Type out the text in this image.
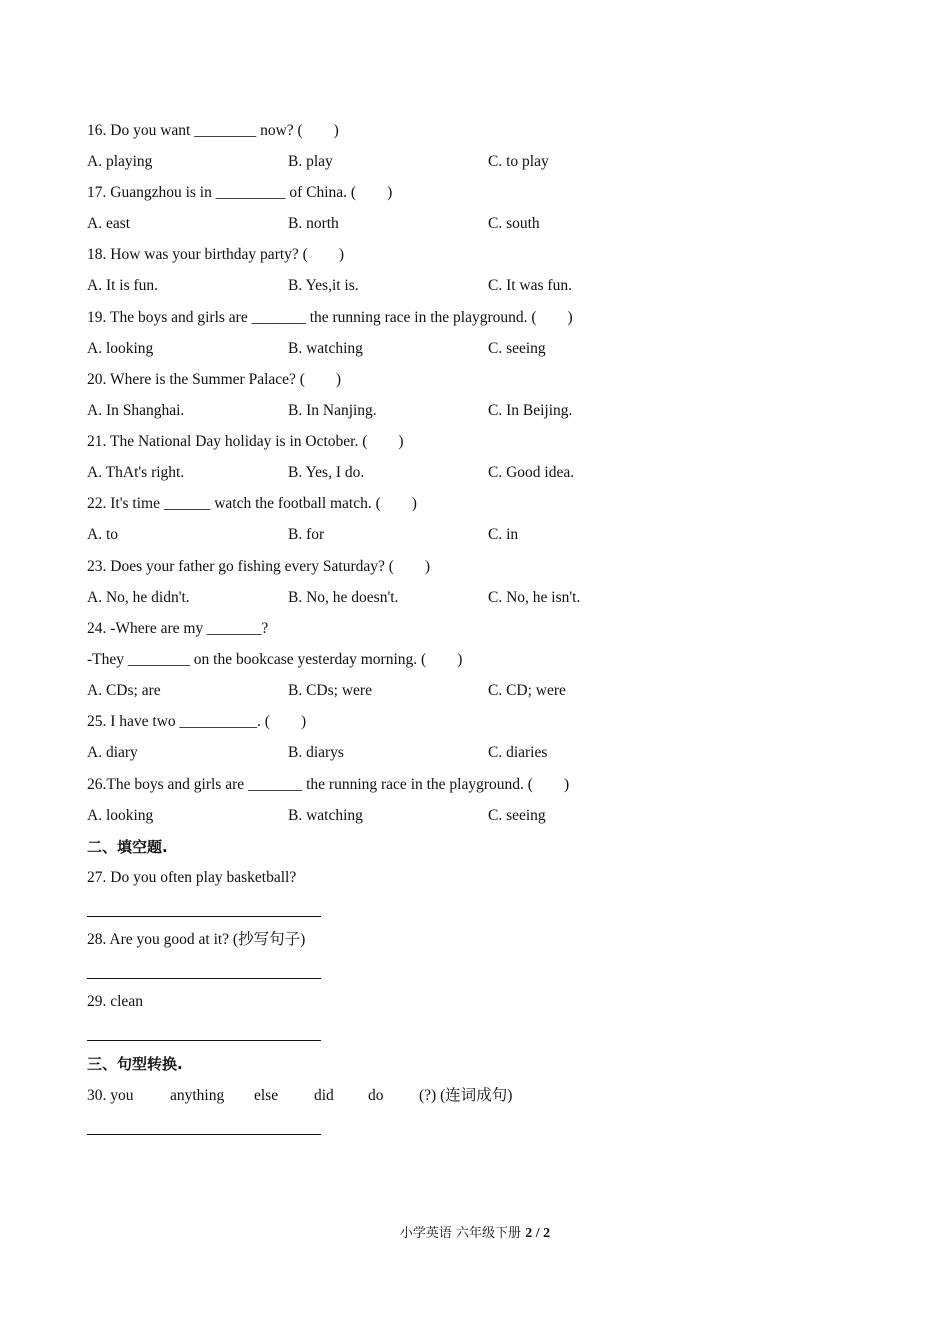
16. Do you want ________ now? (        )
A. playing	B. play	C. to play
17. Guangzhou is in _________ of China. (        )
A. east	B. north	C. south
18. How was your birthday party? (        )
A. It is fun.	B. Yes,it is.	C. It was fun.
19. The boys and girls are _______ the running race in the playground. (        )
A. looking	B. watching	C. seeing
20. Where is the Summer Palace? (        )
A. In Shanghai.	B. In Nanjing.	C. In Beijing.
21. The National Day holiday is in October. (        )
A. ThAt's right.	B. Yes, I do.	C. Good idea.
22. It's time ______ watch the football match. (        )
A. to	B. for	C. in
23. Does your father go fishing every Saturday? (        )
A. No, he didn't.	B. No, he doesn't.	C. No, he isn't.
24. -Where are my _______?
-They ________ on the bookcase yesterday morning. (        )
A. CDs; are	B. CDs; were	C. CD; were
25. I have two __________. (        )
A. diary	B. diarys	C. diaries
26.The boys and girls are _______ the running race in the playground. (        )
A. looking	B. watching	C. seeing
二、填空题.
27. Do you often play basketball?
28. Are you good at it? (抄写句子)
29. clean
三、句型转换.
30. you anything else did do (?) (连词成句)
小学英语 六年级下册 2 / 2
